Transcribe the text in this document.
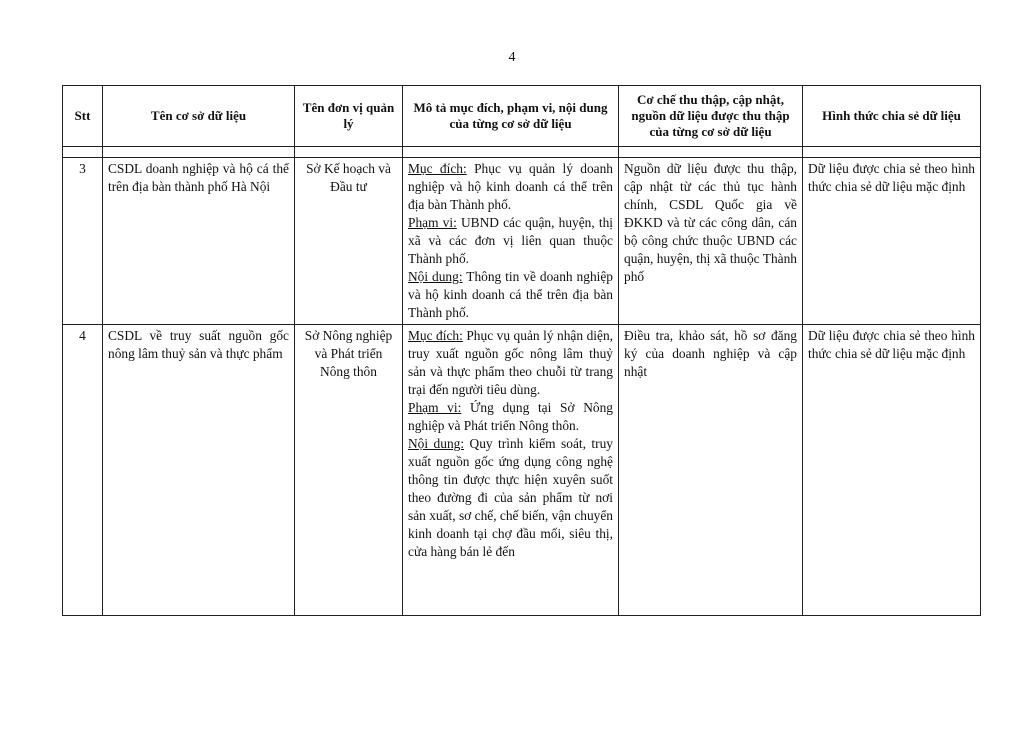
4
Stt	Tên cơ sở dữ liệu	Tên đơn vị quản lý	Mô tả mục đích, phạm vi, nội dung của từng cơ sở dữ liệu	Cơ chế thu thập, cập nhật, nguồn dữ liệu được thu thập của từng cơ sở dữ liệu	Hình thức chia sẻ dữ liệu

3	CSDL doanh nghiệp và hộ cá thể trên địa bàn thành phố Hà Nội	Sở Kế hoạch và Đầu tư	Mục đích: Phục vụ quản lý doanh nghiệp và hộ kinh doanh cá thể trên địa bàn Thành phố.
Phạm vi: UBND các quận, huyện, thị xã và các đơn vị liên quan thuộc Thành phố.
Nội dung: Thông tin về doanh nghiệp và hộ kinh doanh cá thể trên địa bàn Thành phố.	Nguồn dữ liệu được thu thập, cập nhật từ các thủ tục hành chính, CSDL Quốc gia về ĐKKD và từ các công dân, cán bộ công chức thuộc UBND các quận, huyện, thị xã thuộc Thành phố	Dữ liệu được chia sẻ theo hình thức chia sẻ dữ liệu mặc định
4	CSDL về truy suất nguồn gốc nông lâm thuỷ sản và thực phẩm	Sở Nông nghiệp và Phát triển Nông thôn	Mục đích: Phục vụ quản lý nhận diện, truy xuất nguồn gốc nông lâm thuỷ sản và thực phẩm theo chuỗi từ trang trại đến người tiêu dùng.
Phạm vi: Ứng dụng tại Sở Nông nghiệp và Phát triển Nông thôn.
Nội dung: Quy trình kiểm soát, truy xuất nguồn gốc ứng dụng công nghệ thông tin được thực hiện xuyên suốt theo đường đi của sản phẩm từ nơi sản xuất, sơ chế, chế biến, vận chuyển kinh doanh tại chợ đầu mối, siêu thị, cửa hàng bán lẻ đến	Điều tra, khảo sát, hồ sơ đăng ký của doanh nghiệp và cập nhật	Dữ liệu được chia sẻ theo hình thức chia sẻ dữ liệu mặc định
